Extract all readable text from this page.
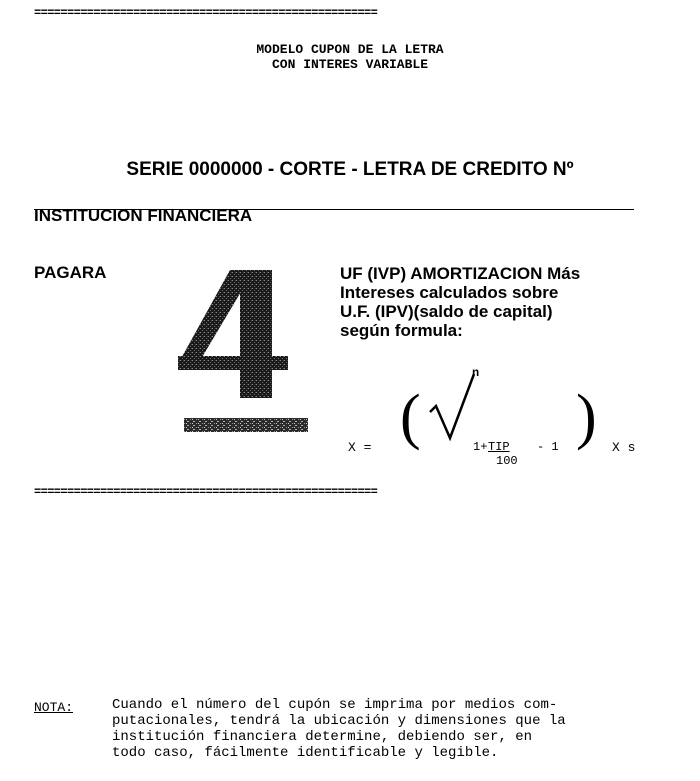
====================================================
MODELO CUPON DE LA LETRA
CON INTERES VARIABLE
SERIE 0000000 - CORTE - LETRA DE CREDITO Nº
INSTITUCION FINANCIERA
PAGARA	UF (IVP) AMORTIZACION Más
Intereses calculados sobre
U.F. (IPV)(saldo de capital)
según formula:
X = (	)
n
1+ TIP
100
- 1	X s
====================================================
NOTA:	Cuando el número del cupón se imprima por medios com-
putacionales, tendrá la ubicación y dimensiones que la
institución financiera determine, debiendo ser, en
todo caso, fácilmente identificable y legible.
